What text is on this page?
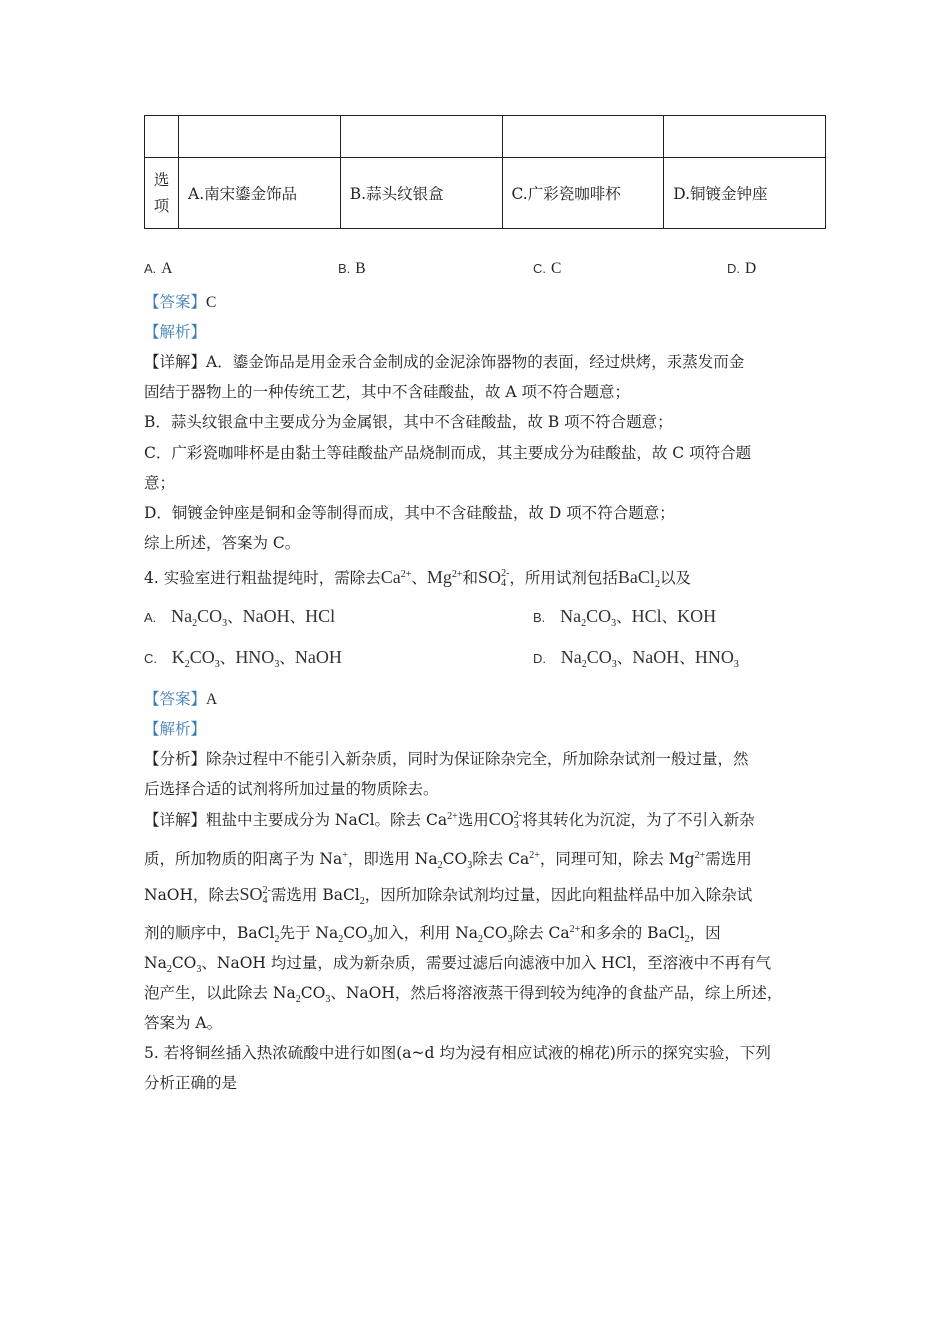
选项	A.南宋鎏金饰品	B.蒜头纹银盒	C.广彩瓷咖啡杯	D.铜镀金钟座
A. A	B. B	C. C	D. D
【答案】C
【解析】
【详解】A．鎏金饰品是用金汞合金制成的金泥涂饰器物的表面，经过烘烤，汞蒸发而金
固结于器物上的一种传统工艺，其中不含硅酸盐，故 A 项不符合题意；
B．蒜头纹银盒中主要成分为金属银，其中不含硅酸盐，故 B 项不符合题意；
C．广彩瓷咖啡杯是由黏土等硅酸盐产品烧制而成，其主要成分为硅酸盐，故 C 项符合题
意；
D．铜镀金钟座是铜和金等制得而成，其中不含硅酸盐，故 D 项不符合题意；
综上所述，答案为 C。
4. 实验室进行粗盐提纯时，需除去$Ca^{2+}$、$Mg^{2+}$和SO 2-
4 ，所用试剂包括BaCl$_2$以及
A. $Na_2CO_3$、NaOH、HCl	B. $Na_2CO_3$、HCl、KOH
C. $K_2CO_3$、$HNO_3$、NaOH	D. $Na_2CO_3$、NaOH、$HNO_3$
【答案】A
【解析】
【分析】除杂过程中不能引入新杂质，同时为保证除杂完全，所加除杂试剂一般过量，然
后选择合适的试剂将所加过量的物质除去。
【详解】粗盐中主要成分为 NaCl。除去 $Ca^{2+}$选用CO 2-
3 将其转化为沉淀，为了不引入新杂
质，所加物质的阳离子为 Na+，即选用 $Na_2CO_3$除去 $Ca^{2+}$，同理可知，除去 $Mg^{2+}$需选用
NaOH，除去SO 2-
4 需选用 BaCl$_2$，因所加除杂试剂均过量，因此向粗盐样品中加入除杂试
剂的顺序中，BaCl$_2$先于 $Na_2CO_3$加入，利用 $Na_2CO_3$除去 $Ca^{2+}$和多余的 BaCl$_2$，因
$Na_2CO_3$、NaOH 均过量，成为新杂质，需要过滤后向滤液中加入 HCl，至溶液中不再有气
泡产生，以此除去 $Na_2CO_3$、NaOH，然后将溶液蒸干得到较为纯净的食盐产品，综上所述，
答案为 A。
5. 若将铜丝插入热浓硫酸中进行如图(a~d 均为浸有相应试液的棉花)所示的探究实验，下列
分析正确的是
